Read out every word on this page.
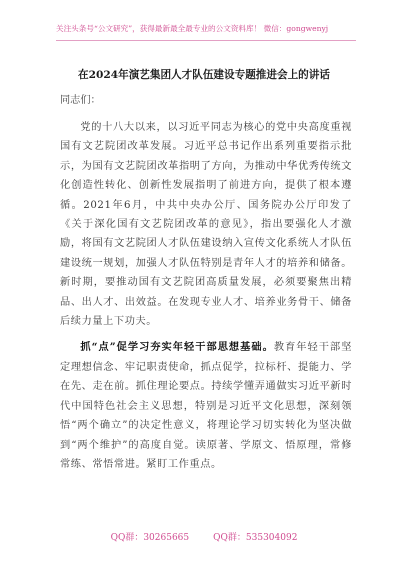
关注头条号“公文研究”，获得最新最全最专业的公文资料库！ 微信：gongwenyj
在2024年演艺集团人才队伍建设专题推进会上的讲话
同志们：

党的十八大以来，以习近平同志为核心的党中央高度重视国有文艺院团改革发展。习近平总书记作出系列重要指示批示，为国有文艺院团改革指明了方向，为推动中华优秀传统文化创造性转化、创新性发展指明了前进方向，提供了根本遵循。2021年6月，中共中央办公厅、国务院办公厅印发了《关于深化国有文艺院团改革的意见》，指出要强化人才激励，将国有文艺院团人才队伍建设纳入宣传文化系统人才队伍建设统一规划，加强人才队伍特别是青年人才的培养和储备。新时期，要推动国有文艺院团高质量发展，必须要聚焦出精品、出人才、出效益。在发现专业人才、培养业务骨干、储备后续力量上下功夫。

抓“点”促学习夯实年轻干部思想基础。教育年轻干部坚定理想信念、牢记职责使命，抓点促学，拉标杆、提能力、学在先、走在前。抓住理论要点。持续学懂弄通做实习近平新时代中国特色社会主义思想，特别是习近平文化思想，深刻领悟“两个确立”的决定性意义，将理论学习切实转化为坚决做到“两个维护”的高度自觉。读原著、学原文、悟原理，常修常练、常悟常进。紧盯工作重点。

QQ群：30265665	QQ群：535304092
